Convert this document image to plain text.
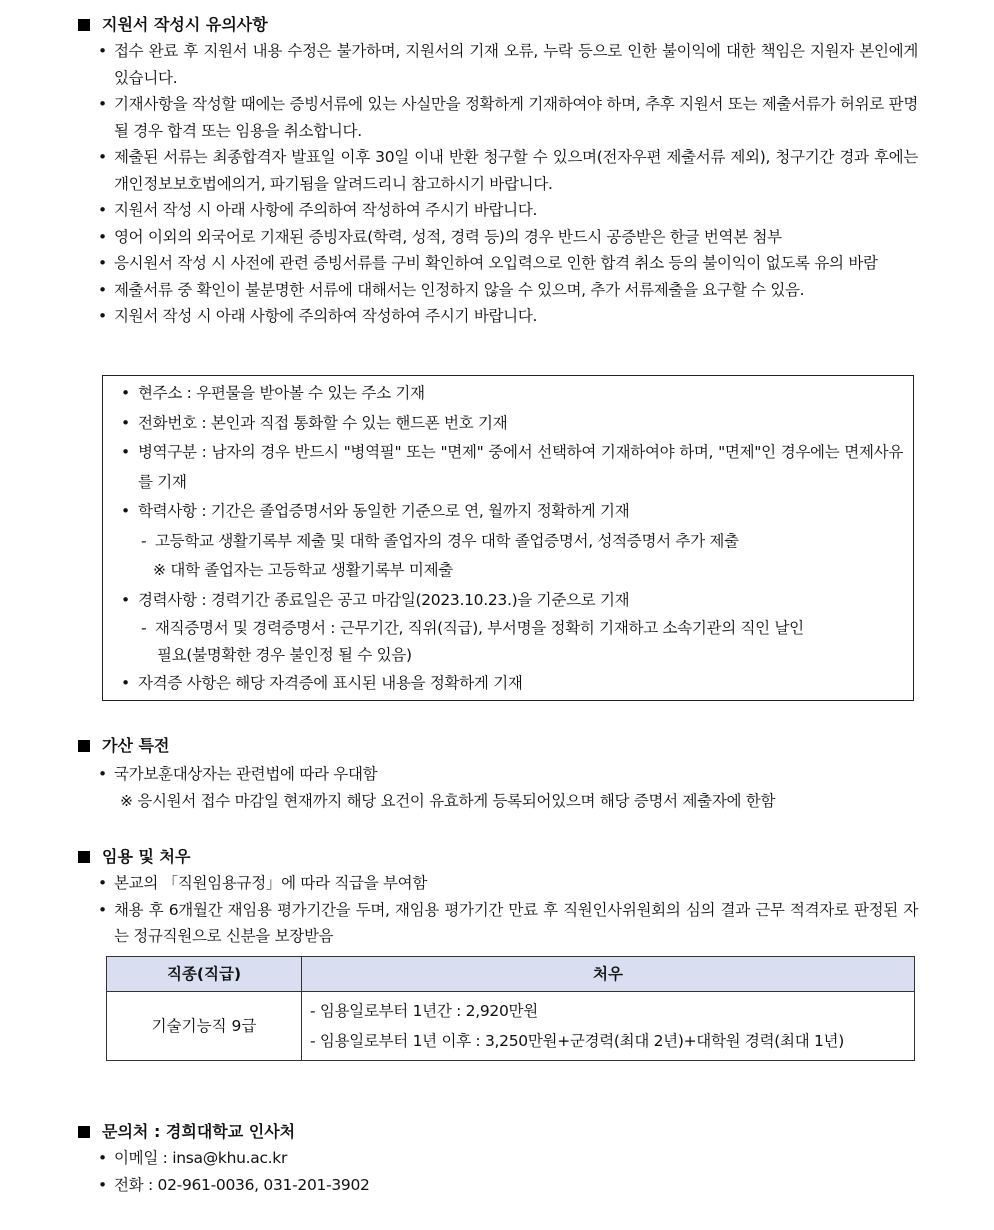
지원서 작성시 유의사항
• 접수 완료 후 지원서 내용 수정은 불가하며, 지원서의 기재 오류, 누락 등으로 인한 불이익에 대한 책임은 지원자 본인에게 있습니다.
• 기재사항을 작성할 때에는 증빙서류에 있는 사실만을 정확하게 기재하여야 하며, 추후 지원서 또는 제출서류가 허위로 판명될 경우 합격 또는 임용을 취소합니다.
• 제출된 서류는 최종합격자 발표일 이후 30일 이내 반환 청구할 수 있으며(전자우편 제출서류 제외), 청구기간 경과 후에는 개인정보보호법에의거, 파기됨을 알려드리니 참고하시기 바랍니다.
• 지원서 작성 시 아래 사항에 주의하여 작성하여 주시기 바랍니다.
• 영어 이외의 외국어로 기재된 증빙자료(학력, 성적, 경력 등)의 경우 반드시 공증받은 한글 번역본 첨부
• 응시원서 작성 시 사전에 관련 증빙서류를 구비 확인하여 오입력으로 인한 합격 취소 등의 불이익이 없도록 유의 바람
• 제출서류 중 확인이 불분명한 서류에 대해서는 인정하지 않을 수 있으며, 추가 서류제출을 요구할 수 있음.
• 지원서 작성 시 아래 사항에 주의하여 작성하여 주시기 바랍니다.
• 현주소 : 우편물을 받아볼 수 있는 주소 기재
• 전화번호 : 본인과 직접 통화할 수 있는 핸드폰 번호 기재
• 병역구분 : 남자의 경우 반드시 "병역필" 또는 "면제" 중에서 선택하여 기재하여야 하며, "면제"인 경우에는 면제사유를 기재
• 학력사항 : 기간은 졸업증명서와 동일한 기준으로 연, 월까지 정확하게 기재
- 고등학교 생활기록부 제출 및 대학 졸업자의 경우 대학 졸업증명서, 성적증명서 추가 제출
※ 대학 졸업자는 고등학교 생활기록부 미제출
• 경력사항 : 경력기간 종료일은 공고 마감일(2023.10.23.)을 기준으로 기재
- 재직증명서 및 경력증명서 : 근무기간, 직위(직급), 부서명을 정확히 기재하고 소속기관의 직인 날인
필요(불명확한 경우 불인정 될 수 있음)
• 자격증 사항은 해당 자격증에 표시된 내용을 정확하게 기재
가산 특전
• 국가보훈대상자는 관련법에 따라 우대함
※ 응시원서 접수 마감일 현재까지 해당 요건이 유효하게 등록되어있으며 해당 증명서 제출자에 한함
임용 및 처우
• 본교의 「직원임용규정」에 따라 직급을 부여함
• 채용 후 6개월간 재임용 평가기간을 두며, 재임용 평가기간 만료 후 직원인사위원회의 심의 결과 근무 적격자로 판정된 자는 정규직원으로 신분을 보장받음
직종(직급)	처우
기술기능직 9급	- 임용일로부터 1년간 : 2,920만원
- 임용일로부터 1년 이후 : 3,250만원+군경력(최대 2년)+대학원 경력(최대 1년)
문의처 : 경희대학교 인사처
• 이메일 : insa@khu.ac.kr
• 전화 : 02-961-0036, 031-201-3902
